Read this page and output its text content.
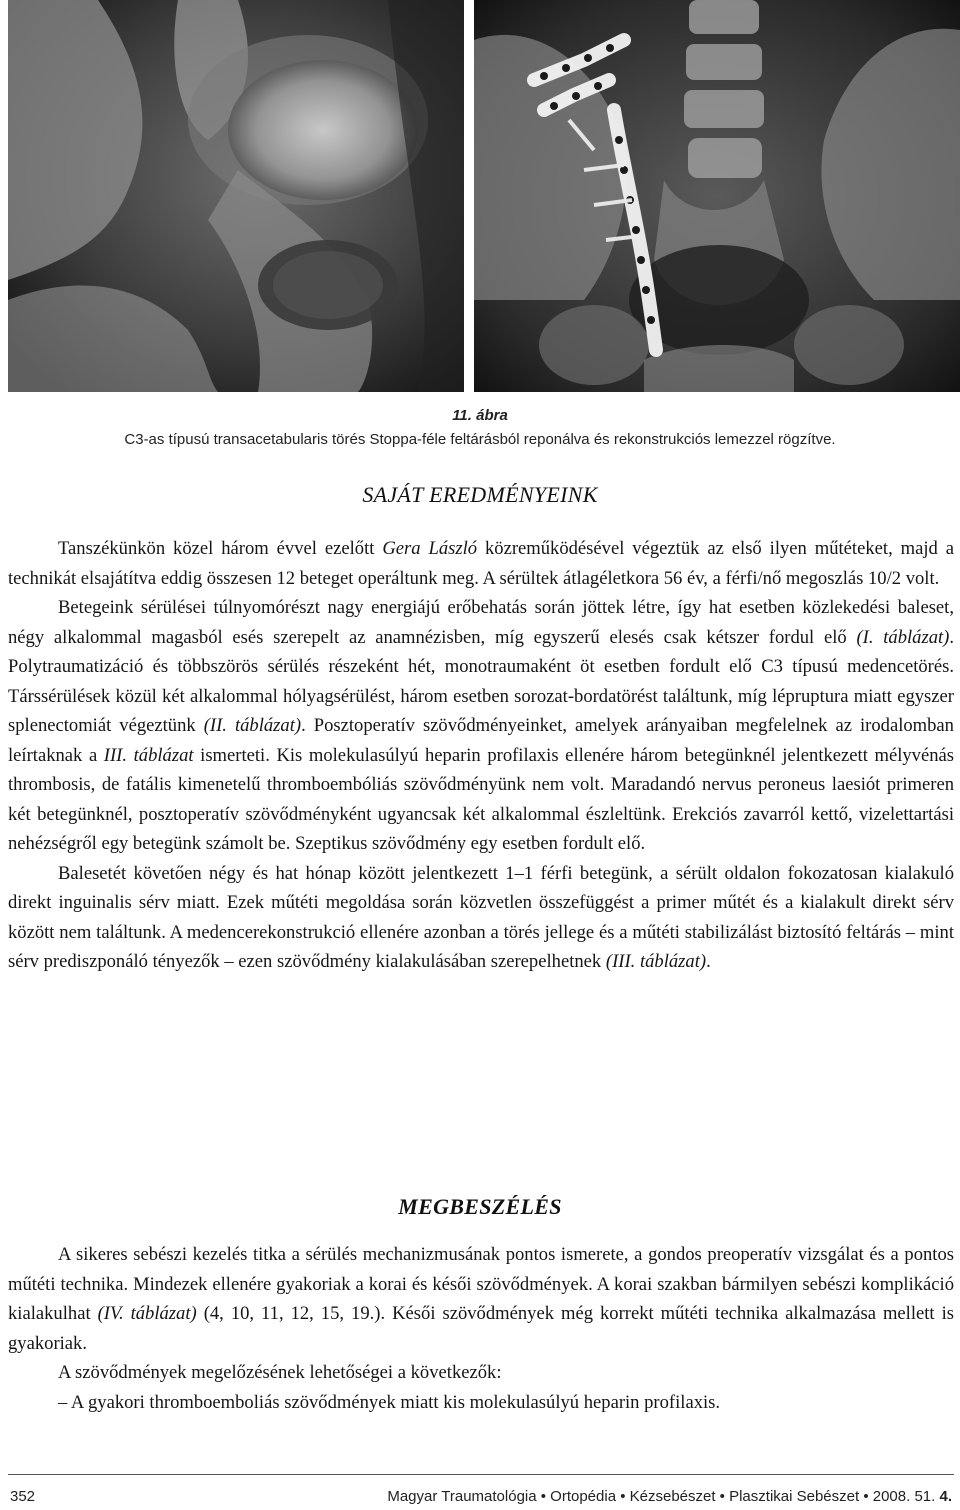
11. ábra
C3-as típusú transacetabularis törés Stoppa-féle feltárásból reponálva és rekonstrukciós lemezzel rögzítve.
SAJÁT EREDMÉNYEINK

Tanszékünkön közel három évvel ezelőtt Gera László közreműködésével végeztük az első ilyen műtéteket, majd a technikát elsajátítva eddig összesen 12 beteget operáltunk meg. A sérültek átlagéletkora 56 év, a férfi/nő megoszlás 10/2 volt.

Betegeink sérülései túlnyomórészt nagy energiájú erőbehatás során jöttek létre, így hat esetben közlekedési baleset, négy alkalommal magasból esés szerepelt az anamnézisben, míg egyszerű elesés csak kétszer fordul elő (I. táblázat). Polytraumatizáció és többszörös sérülés részeként hét, monotraumaként öt esetben fordult elő C3 típusú medencetörés. Társsérülések közül két alkalommal hólyagsérülést, három esetben sorozat-bordatörést találtunk, míg lépruptura miatt egyszer splenectomiát végeztünk (II. táblázat). Posztoperatív szövődményeinket, amelyek arányaiban megfelelnek az irodalomban leírtaknak a III. táblázat ismerteti. Kis molekulasúlyú heparin profilaxis ellenére három betegünknél jelentkezett mélyvénás thrombosis, de fatális kimenetelű thromboembóliás szövődményünk nem volt. Maradandó nervus peroneus laesiót primeren két betegünknél, posztoperatív szövődményként ugyancsak két alkalommal észleltünk. Erekciós zavarról kettő, vizelettartási nehézségről egy betegünk számolt be. Szeptikus szövődmény egy esetben fordult elő.

Balesetét követően négy és hat hónap között jelentkezett 1–1 férfi betegünk, a sérült oldalon fokozatosan kialakuló direkt inguinalis sérv miatt. Ezek műtéti megoldása során közvetlen összefüggést a primer műtét és a kialakult direkt sérv között nem találtunk. A medencerekonstrukció ellenére azonban a törés jellege és a műtéti stabilizálást biztosító feltárás – mint sérv prediszponáló tényezők – ezen szövődmény kialakulásában szerepelhetnek (III. táblázat).

MEGBESZÉLÉS

A sikeres sebészi kezelés titka a sérülés mechanizmusának pontos ismerete, a gondos preoperatív vizsgálat és a pontos műtéti technika. Mindezek ellenére gyakoriak a korai és késői szövődmények. A korai szakban bármilyen sebészi komplikáció kialakulhat (IV. táblázat) (4, 10, 11, 12, 15, 19.). Késői szövődmények még korrekt műtéti technika alkalmazása mellett is gyakoriak.

A szövődmények megelőzésének lehetőségei a következők:

– A gyakori thromboemboliás szövődmények miatt kis molekulasúlyú heparin profilaxis.

352	Magyar Traumatológia • Ortopédia • Kézsebészet • Plasztikai Sebészet • 2008. 51. 4.
